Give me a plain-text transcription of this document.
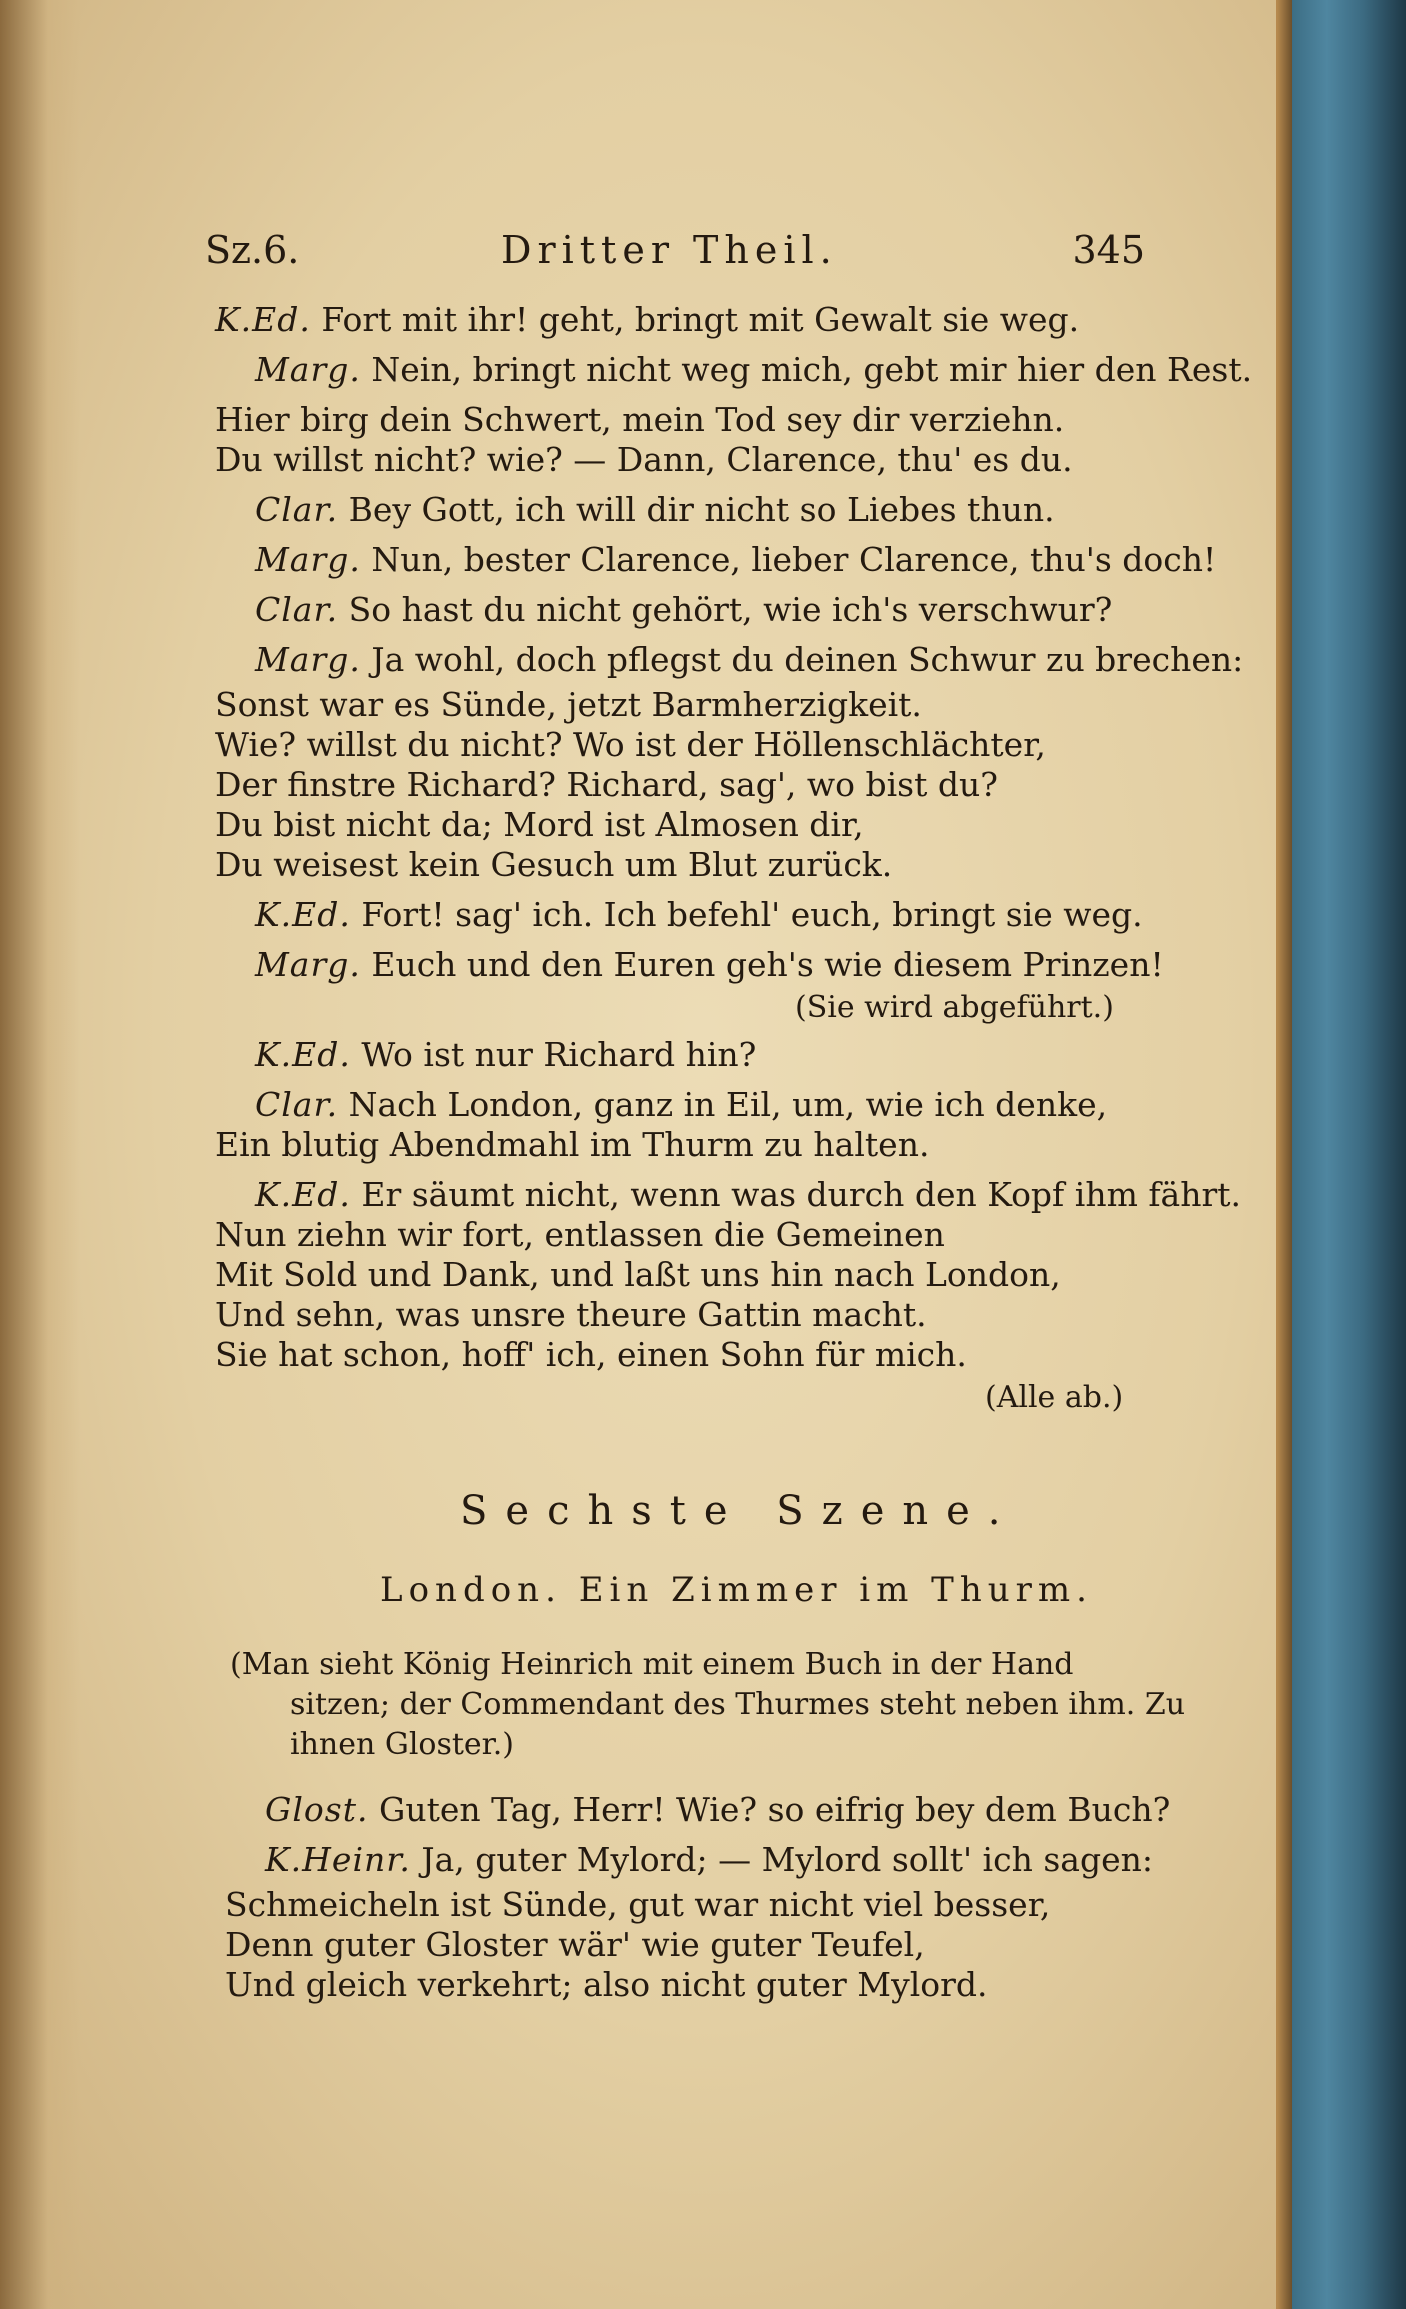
Sz.6.	Dritter Theil.	345
K.Ed. Fort mit ihr! geht, bringt mit Gewalt sie weg.
Marg. Nein, bringt nicht weg mich, gebt mir hier den Rest.
Hier birg dein Schwert, mein Tod sey dir verziehn.
Du willst nicht? wie? — Dann, Clarence, thu' es du.
Clar. Bey Gott, ich will dir nicht so Liebes thun.
Marg. Nun, bester Clarence, lieber Clarence, thu's doch!
Clar. So hast du nicht gehört, wie ich's verschwur?
Marg. Ja wohl, doch pflegst du deinen Schwur zu brechen:
Sonst war es Sünde, jetzt Barmherzigkeit.
Wie? willst du nicht? Wo ist der Höllenschlächter,
Der finstre Richard? Richard, sag', wo bist du?
Du bist nicht da; Mord ist Almosen dir,
Du weisest kein Gesuch um Blut zurück.
K.Ed. Fort! sag' ich. Ich befehl' euch, bringt sie weg.
Marg. Euch und den Euren geh's wie diesem Prinzen!
(Sie wird abgeführt.)
K.Ed. Wo ist nur Richard hin?
Clar. Nach London, ganz in Eil, um, wie ich denke,
Ein blutig Abendmahl im Thurm zu halten.
K.Ed. Er säumt nicht, wenn was durch den Kopf ihm fährt.
Nun ziehn wir fort, entlassen die Gemeinen
Mit Sold und Dank, und laßt uns hin nach London,
Und sehn, was unsre theure Gattin macht.
Sie hat schon, hoff' ich, einen Sohn für mich.
(Alle ab.)
Sechste Szene.
London. Ein Zimmer im Thurm.
(Man sieht König Heinrich mit einem Buch in der Hand
sitzen; der Commendant des Thurmes steht neben ihm. Zu
ihnen Gloster.)
Glost. Guten Tag, Herr! Wie? so eifrig bey dem Buch?
K.Heinr. Ja, guter Mylord; — Mylord sollt' ich sagen:
Schmeicheln ist Sünde, gut war nicht viel besser,
Denn guter Gloster wär' wie guter Teufel,
Und gleich verkehrt; also nicht guter Mylord.
